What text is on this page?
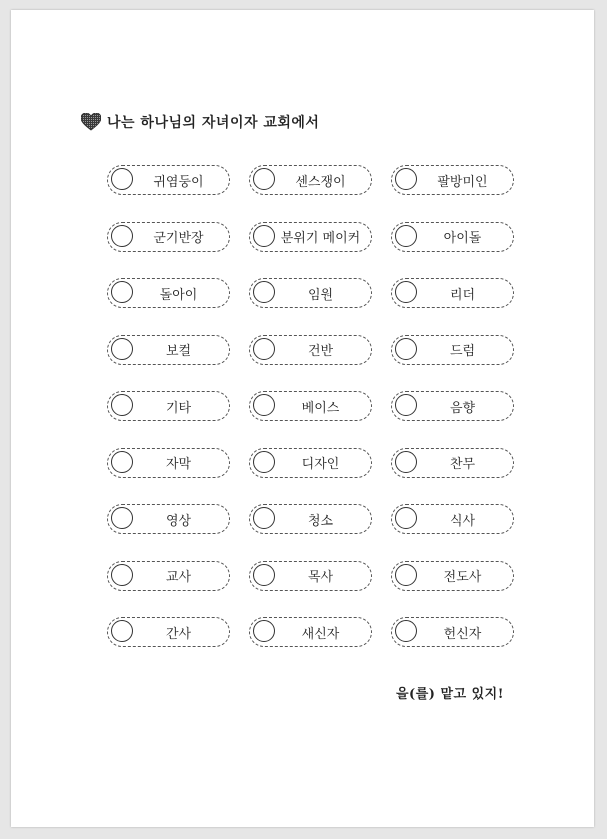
나는 하나님의 자녀이자 교회에서
귀염둥이	센스쟁이	팔방미인
군기반장	분위기 메이커	아이돌
돌아이	임원	리더
보컬	건반	드럼
기타	베이스	음향
자막	디자인	찬무
영상	청소	식사
교사	목사	전도사
간사	새신자	헌신자
을(를) 맡고 있지!
